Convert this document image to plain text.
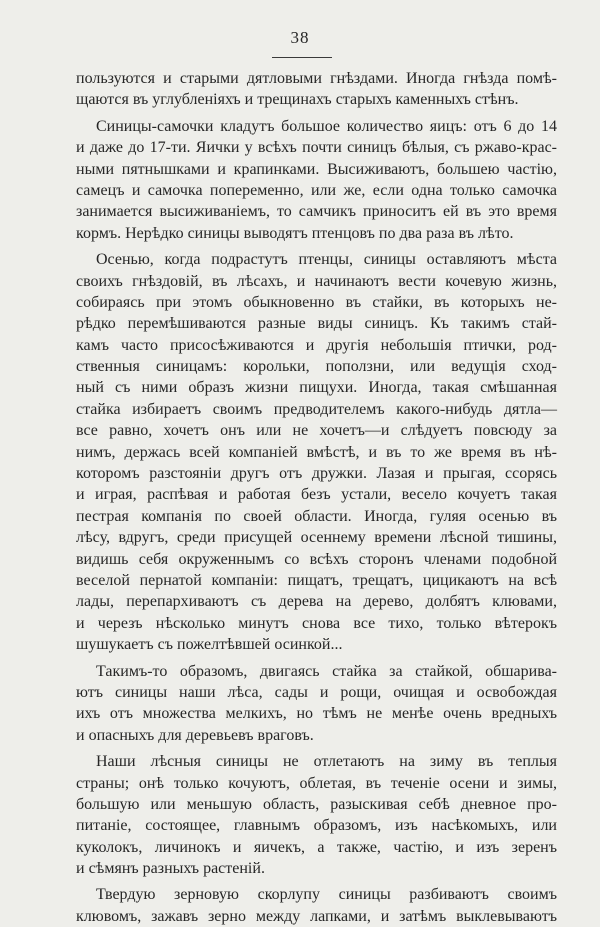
38
пользуются и старыми дятловыми гнѣздами. Иногда гнѣзда помѣ-
щаются въ углубленіяхъ и трещинахъ старыхъ каменныхъ стѣнъ.
Синицы-самочки кладутъ большое количество яицъ: отъ 6 до 14
и даже до 17-ти. Яички у всѣхъ почти синицъ бѣлыя, съ ржаво-крас-
ными пятнышками и крапинками. Высиживаютъ, большею частію,
самецъ и самочка попеременно, или же, если одна только самочка
занимается высиживаніемъ, то самчикъ приноситъ ей въ это время
кормъ. Нерѣдко синицы выводятъ птенцовъ по два раза въ лѣто.
Осенью, когда подрастутъ птенцы, синицы оставляютъ мѣста
своихъ гнѣздовій, въ лѣсахъ, и начинаютъ вести кочевую жизнь,
собираясь при этомъ обыкновенно въ стайки, въ которыхъ не-
рѣдко перемѣшиваются разные виды синицъ. Къ такимъ стай-
камъ часто присосѣживаются и другія небольшія птички, род-
ственныя синицамъ: корольки, поползни, или ведущія сход-
ный съ ними образъ жизни пищухи. Иногда, такая смѣшанная
стайка избираетъ своимъ предводителемъ какого-нибудь дятла—
все равно, хочетъ онъ или не хочетъ—и слѣдуетъ повсюду за
нимъ, держась всей компаніей вмѣстѣ, и въ то же время въ нѣ-
которомъ разстояніи другъ отъ дружки. Лазая и прыгая, ссорясь
и играя, распѣвая и работая безъ устали, весело кочуетъ такая
пестрая компанія по своей области. Иногда, гуляя осенью въ
лѣсу, вдругъ, среди присущей осеннему времени лѣсной тишины,
видишь себя окруженнымъ со всѣхъ сторонъ членами подобной
веселой пернатой компаніи: пищатъ, трещатъ, цицикаютъ на всѣ
лады, перепархиваютъ съ дерева на дерево, долбятъ клювами,
и черезъ нѣсколько минутъ снова все тихо, только вѣтерокъ
шушукаетъ съ пожелтѣвшей осинкой...
Такимъ-то образомъ, двигаясь стайка за стайкой, обшарива-
ютъ синицы наши лѣса, сады и рощи, очищая и освобождая
ихъ отъ множества мелкихъ, но тѣмъ не менѣе очень вредныхъ
и опасныхъ для деревьевъ враговъ.
Наши лѣсныя синицы не отлетаютъ на зиму въ теплыя
страны; онѣ только кочуютъ, облетая, въ теченіе осени и зимы,
большую или меньшую область, разыскивая себѣ дневное про-
питаніе, состоящее, главнымъ образомъ, изъ насѣкомыхъ, или
куколокъ, личинокъ и яичекъ, а также, частію, и изъ зеренъ
и сѣмянъ разныхъ растеній.
Твердую зерновую скорлупу синицы разбиваютъ своимъ
клювомъ, зажавъ зерно между лапками, и затѣмъ выклевываютъ
